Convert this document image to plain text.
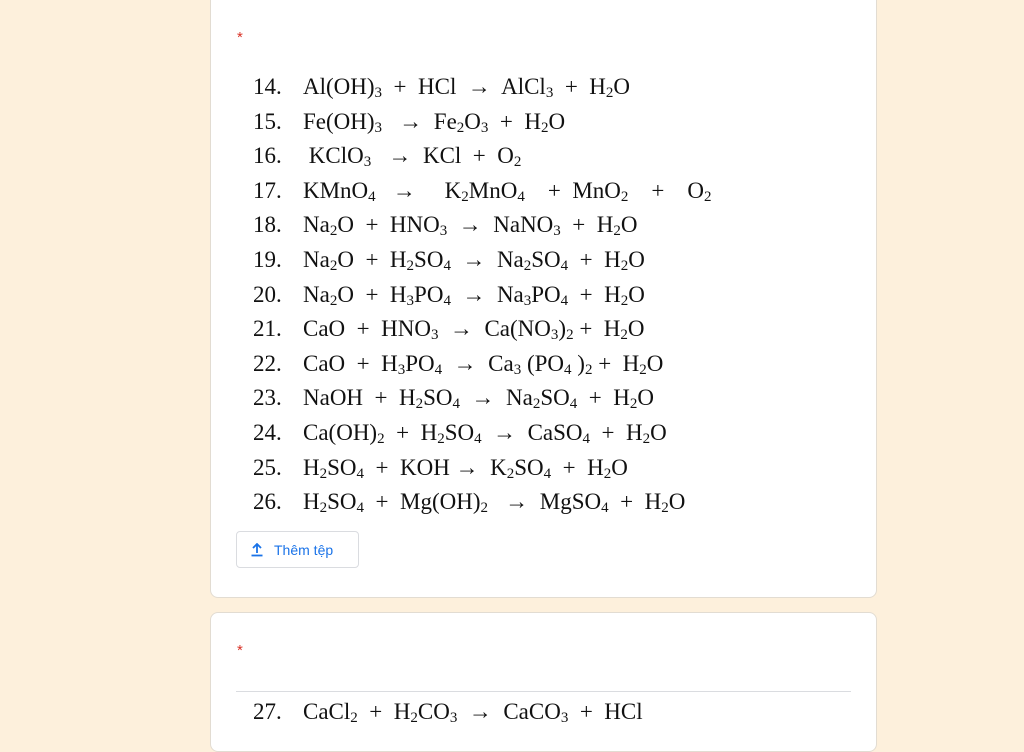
*
14. $Al(OH)_3$  +  HCl  →  AlCl$_3$  +  $H_2O$
15. $Fe(OH)_3 \to Fe_2O_3 + H_2O$
16. KClO$_3$   →  KCl  +  $O_2$
17. KMnO$_4$   →     $K_2MnO_4$    +  MnO$_2$    +    $O_2$
18. $Na_2O + HNO_3$  →  NaNO$_3$  +  $H_2O$
19. $Na_2O + H_2SO_4 \to Na_2SO_4 + H_2O$
20. $Na_2O + H_3PO_4 \to Na_3PO_4 + H_2O$
21. CaO  +  $HNO_3 \to Ca(NO_3)_2 + H_2O$
22. CaO  +  $H_3PO_4 \to Ca_3$ ($PO_4$ )$_2 + H_2O$
23. NaOH  +  $H_2SO_4 \to Na_2SO_4 + H_2O$
24. $Ca(OH)_2 + H_2SO_4$  →  CaSO$_4$  +  $H_2O$
25. $H_2SO_4$  +  KOH →  $K_2SO_4 + H_2O$
26. $H_2SO_4 + Mg(OH)_2$   →  MgSO$_4$  +  $H_2O$
Thêm tệp
*
27. CaCl$_2$  +  $H_2CO_3$  →  CaCO$_3$  +  HCl
